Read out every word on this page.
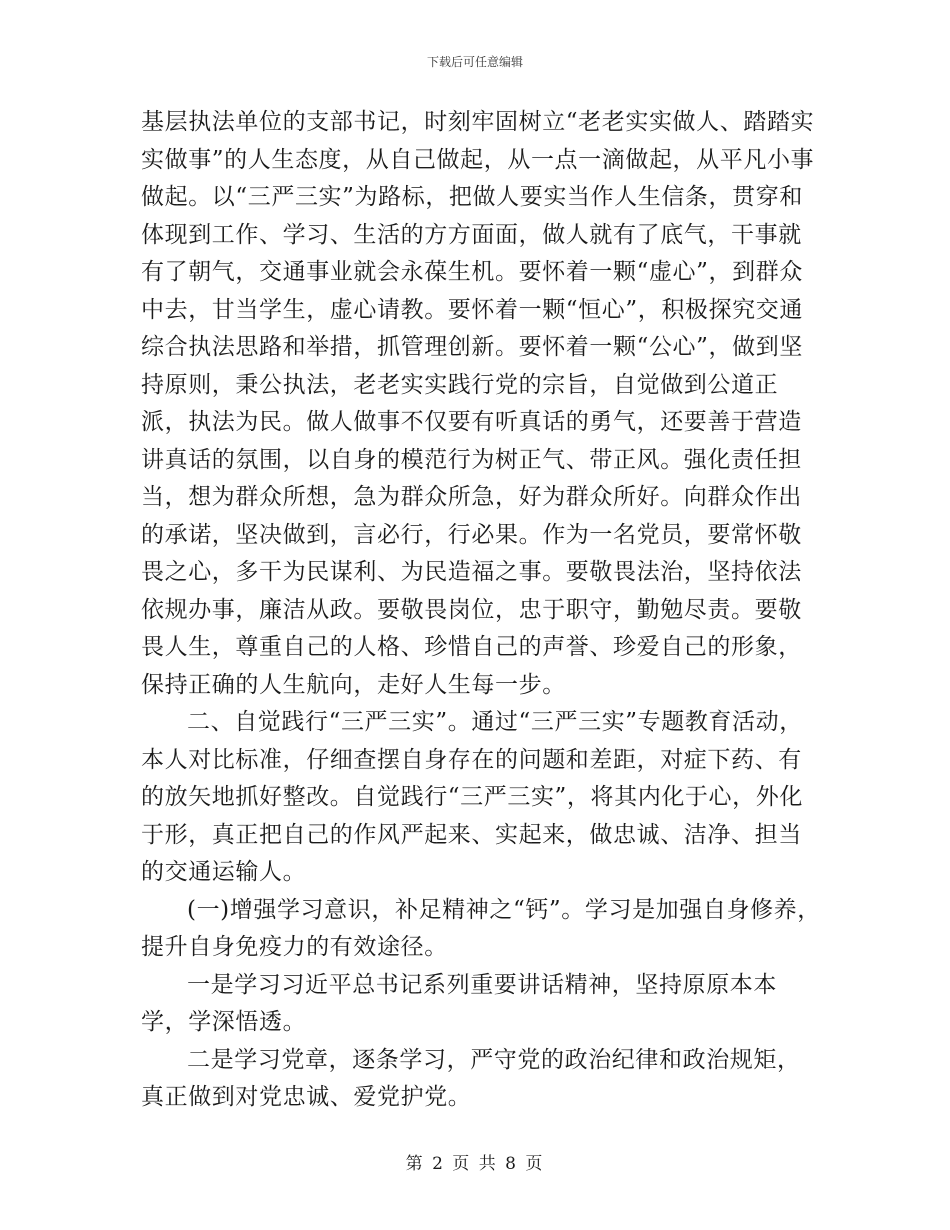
下载后可任意编辑

基层执法单位的支部书记，时刻牢固树立“老老实实做人、踏踏实实做事”的人生态度，从自己做起，从一点一滴做起，从平凡小事做起。以“三严三实”为路标，把做人要实当作人生信条，贯穿和体现到工作、学习、生活的方方面面，做人就有了底气，干事就有了朝气，交通事业就会永葆生机。要怀着一颗“虚心”，到群众中去，甘当学生，虚心请教。要怀着一颗“恒心”，积极探究交通综合执法思路和举措，抓管理创新。要怀着一颗“公心”，做到坚持原则，秉公执法，老老实实践行党的宗旨，自觉做到公道正派，执法为民。做人做事不仅要有听真话的勇气，还要善于营造讲真话的氛围，以自身的模范行为树正气、带正风。强化责任担当，想为群众所想，急为群众所急，好为群众所好。向群众作出的承诺，坚决做到，言必行，行必果。作为一名党员，要常怀敬畏之心，多干为民谋利、为民造福之事。要敬畏法治，坚持依法依规办事，廉洁从政。要敬畏岗位，忠于职守，勤勉尽责。要敬畏人生，尊重自己的人格、珍惜自己的声誉、珍爱自己的形象，保持正确的人生航向，走好人生每一步。

二、自觉践行“三严三实”。通过“三严三实”专题教育活动，本人对比标准，仔细查摆自身存在的问题和差距，对症下药、有的放矢地抓好整改。自觉践行“三严三实”，将其内化于心，外化于形，真正把自己的作风严起来、实起来，做忠诚、洁净、担当的交通运输人。

(一)增强学习意识，补足精神之“钙”。学习是加强自身修养，提升自身免疫力的有效途径。

一是学习习近平总书记系列重要讲话精神，坚持原原本本学，学深悟透。

二是学习党章，逐条学习，严守党的政治纪律和政治规矩，真正做到对党忠诚、爱党护党。

第 2 页 共 8 页
